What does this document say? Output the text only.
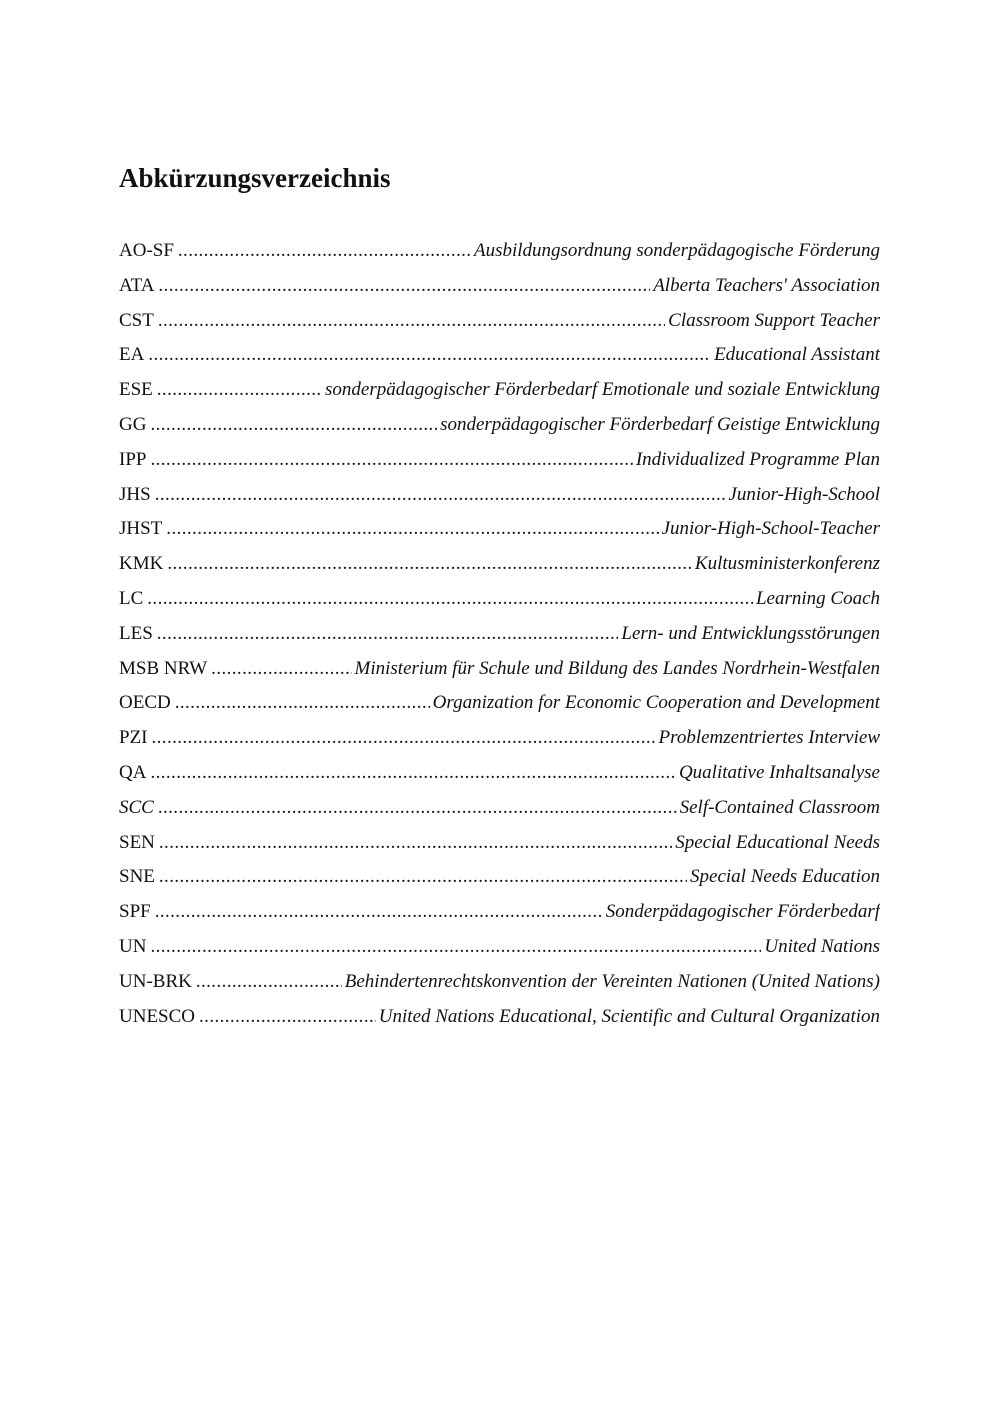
Abkürzungsverzeichnis
AO-SF .....	Ausbildungsordnung sonderpädagogische Förderung
ATA .....	Alberta Teachers' Association
CST .....	Classroom Support Teacher
EA .....	Educational Assistant
ESE .....	sonderpädagogischer Förderbedarf Emotionale und soziale Entwicklung
GG .....	sonderpädagogischer Förderbedarf Geistige Entwicklung
IPP .....	Individualized Programme Plan
JHS .....	Junior-High-School
JHST .....	Junior-High-School-Teacher
KMK .....	Kultusministerkonferenz
LC .....	Learning Coach
LES .....	Lern- und Entwicklungsstörungen
MSB NRW .....	Ministerium für Schule und Bildung des Landes Nordrhein-Westfalen
OECD .....	Organization for Economic Cooperation and Development
PZI .....	Problemzentriertes Interview
QA .....	Qualitative Inhaltsanalyse
SCC .....	Self-Contained Classroom
SEN .....	Special Educational Needs
SNE .....	Special Needs Education
SPF .....	Sonderpädagogischer Förderbedarf
UN .....	United Nations
UN-BRK .....	Behindertenrechtskonvention der Vereinten Nationen (United Nations)
UNESCO .....	United Nations Educational, Scientific and Cultural Organization
